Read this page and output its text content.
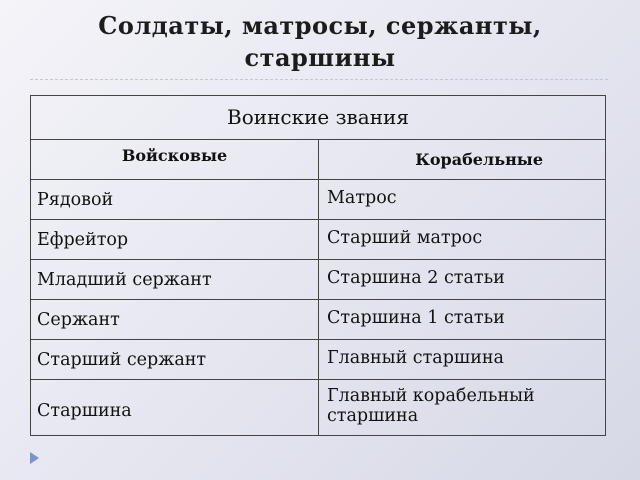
Солдаты, матросы, сержанты,
старшины
Воинские звания	
Войсковые	Корабельные
Рядовой	Матрос
Ефрейтор	Старший матрос
Младший сержант	Старшина 2 статьи
Сержант	Старшина 1 статьи
Старший сержант	Главный старшина
Старшина	Главный корабельный старшина
